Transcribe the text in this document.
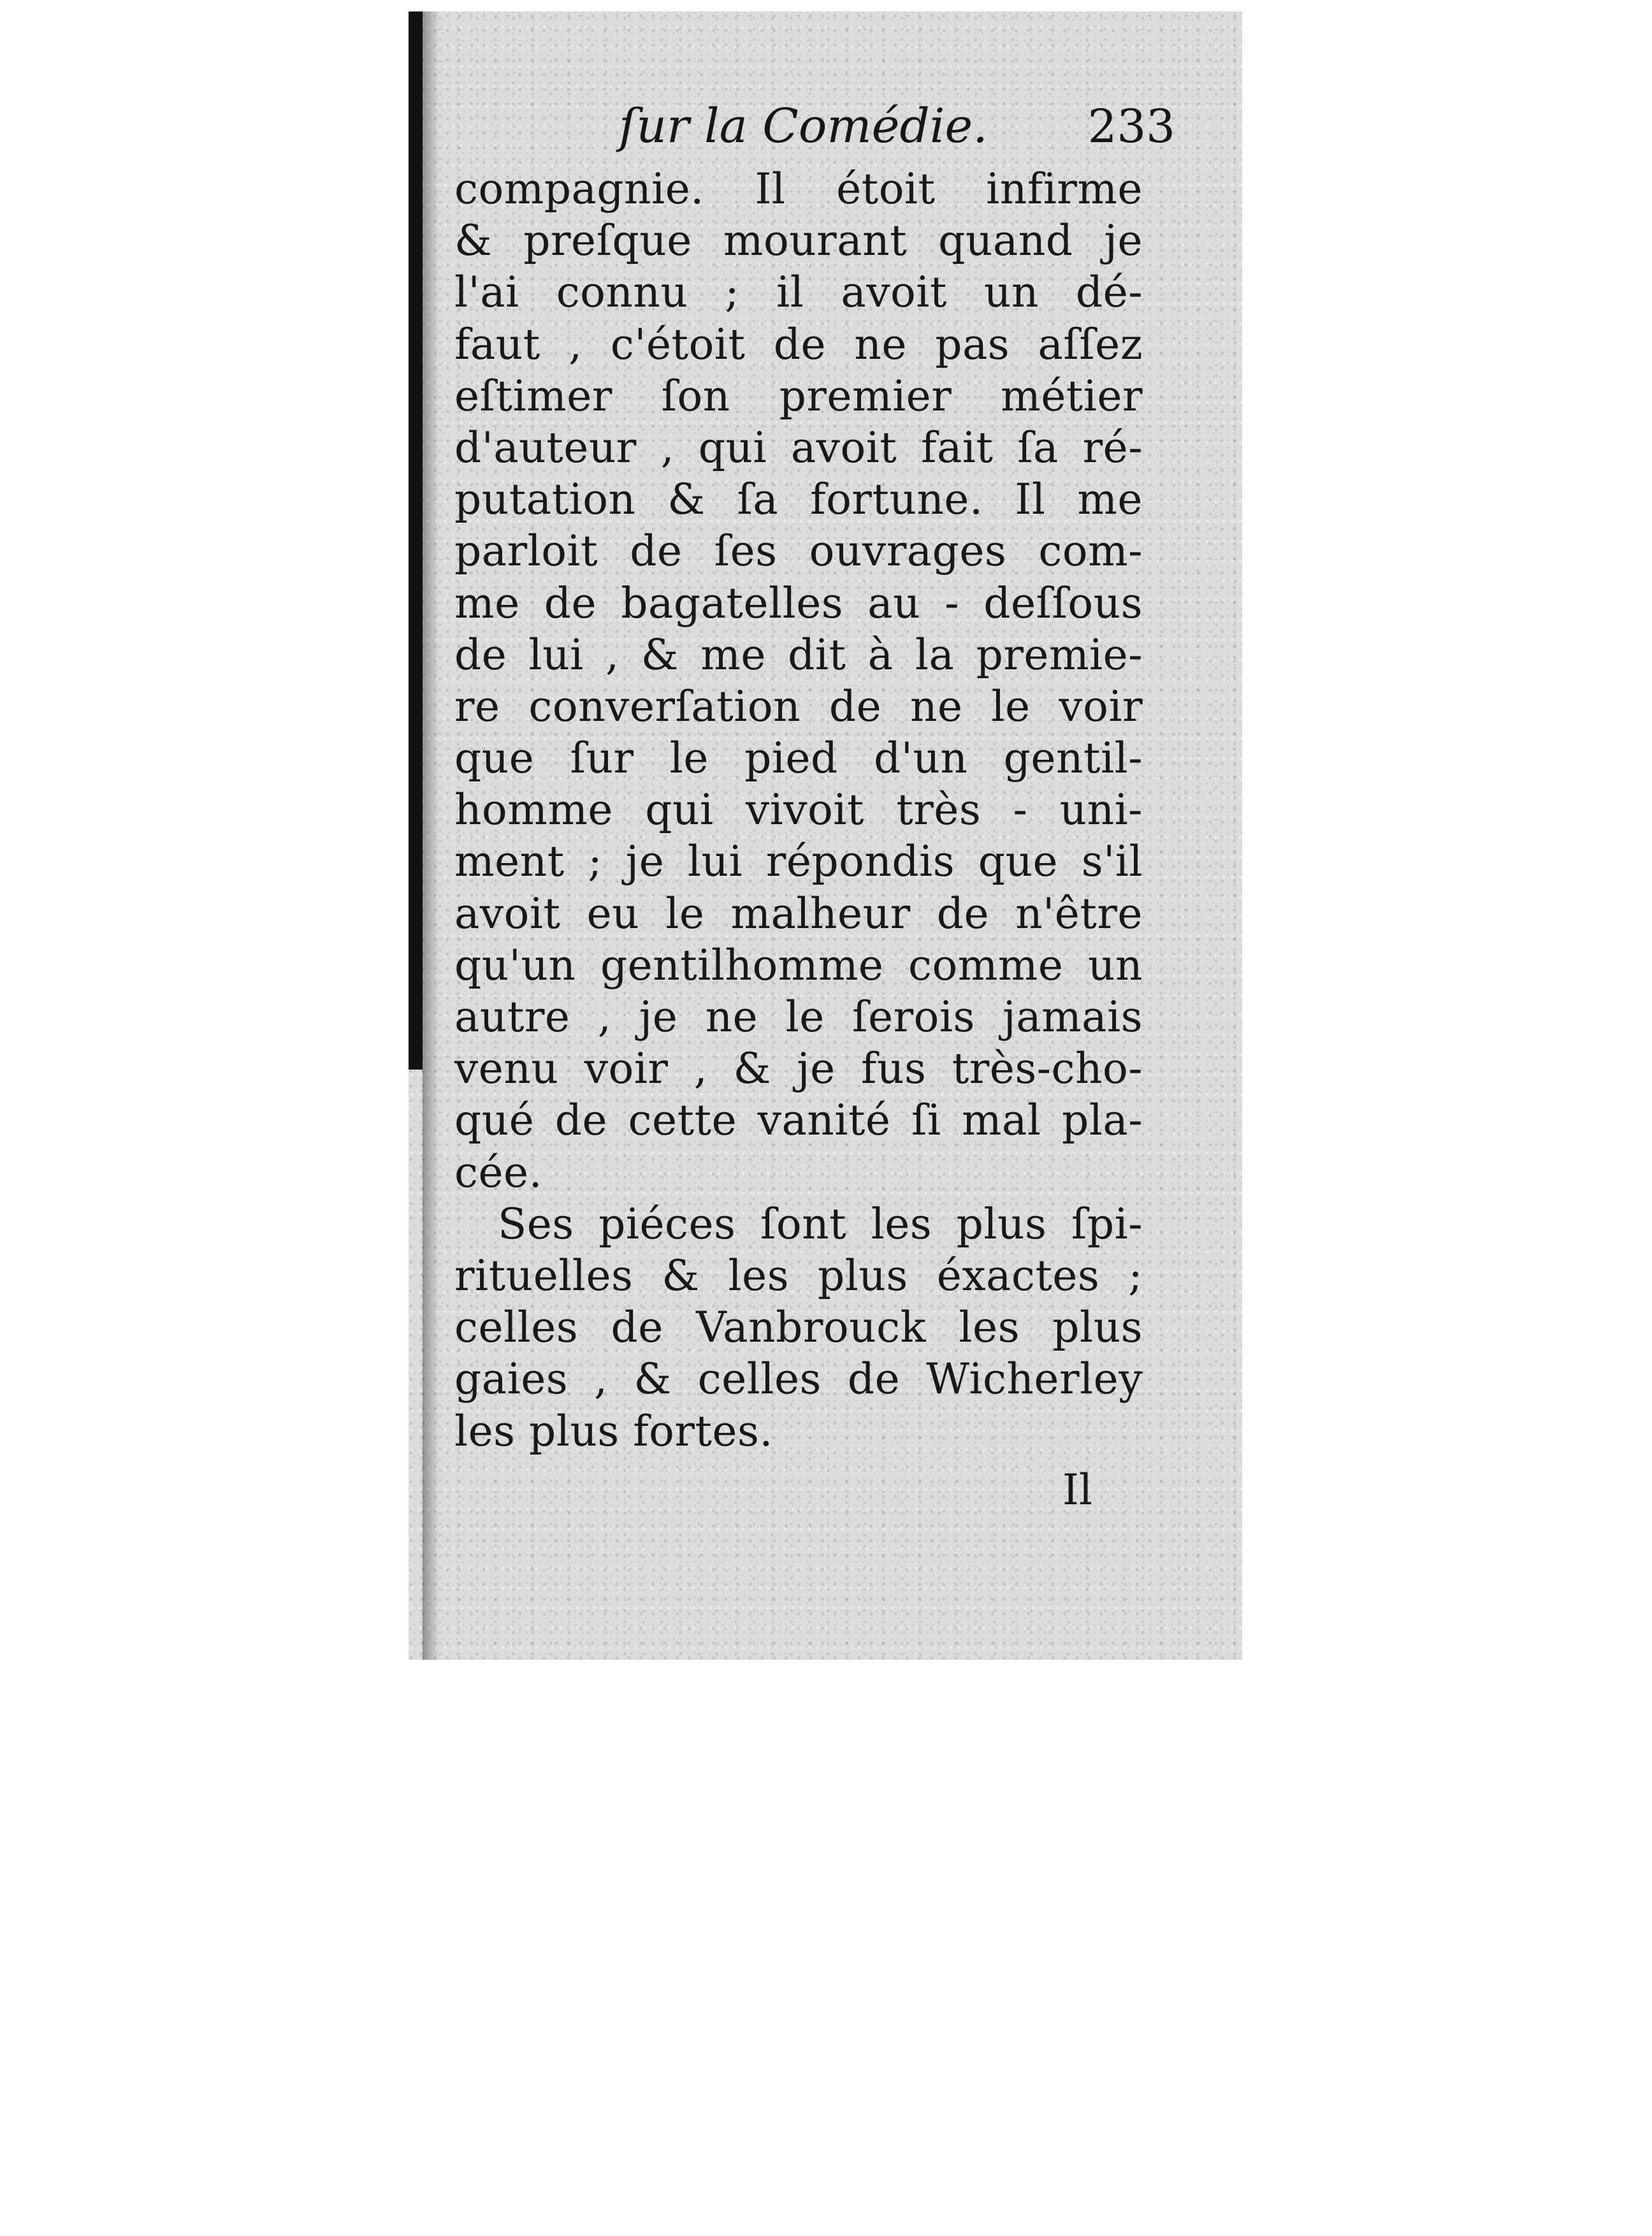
ſur la Comédie. 233
compagnie. Il étoit infirme
& preſque mourant quand je
l'ai connu ; il avoit un dé-
faut , c'étoit de ne pas aſſez
eſtimer ſon premier métier
d'auteur , qui avoit fait ſa ré-
putation & ſa fortune. Il me
parloit de ſes ouvrages com-
me de bagatelles au - deſſous
de lui , & me dit à la premie-
re converſation de ne le voir
que ſur le pied d'un gentil-
homme qui vivoit très - uni-
ment ; je lui répondis que s'il
avoit eu le malheur de n'être
qu'un gentilhomme comme un
autre , je ne le ſerois jamais
venu voir , & je fus très-cho-
qué de cette vanité ſi mal pla-
cée.
Ses piéces ſont les plus ſpi-
rituelles & les plus éxactes ;
celles de Vanbrouck les plus
gaies , & celles de Wicherley
les plus fortes.
Il
